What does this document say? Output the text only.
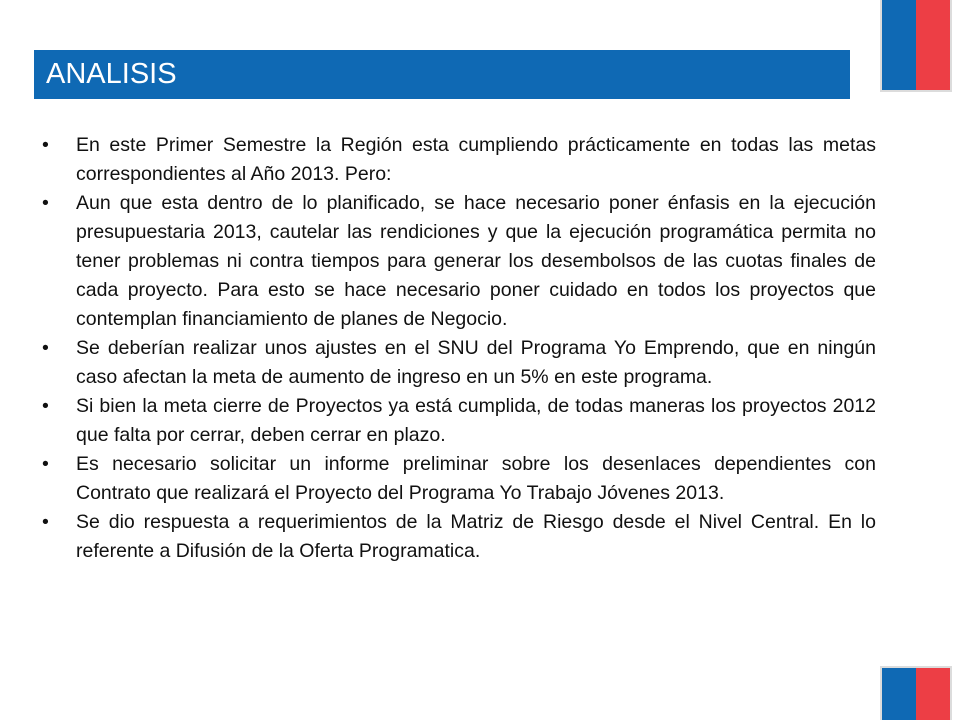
ANALISIS
• En este Primer Semestre la Región esta cumpliendo prácticamente en todas las metas correspondientes al Año 2013. Pero:
• Aun que esta dentro de lo planificado, se hace necesario poner énfasis en la ejecución presupuestaria 2013, cautelar las rendiciones y que la ejecución programática permita no tener problemas ni contra tiempos para generar los desembolsos de las cuotas finales de cada proyecto. Para esto se hace necesario poner cuidado en todos los proyectos que contemplan financiamiento de planes de Negocio.
• Se deberían realizar unos ajustes en el SNU del Programa Yo Emprendo, que en ningún caso afectan la meta de aumento de ingreso en un 5% en este programa.
• Si bien la meta cierre de Proyectos ya está cumplida, de todas maneras los proyectos 2012 que falta por cerrar, deben cerrar en plazo.
• Es necesario solicitar un informe preliminar sobre los desenlaces dependientes con Contrato que realizará el Proyecto del Programa Yo Trabajo Jóvenes 2013.
• Se dio respuesta a requerimientos de la Matriz de Riesgo desde el Nivel Central. En lo referente a Difusión de la Oferta Programatica.
